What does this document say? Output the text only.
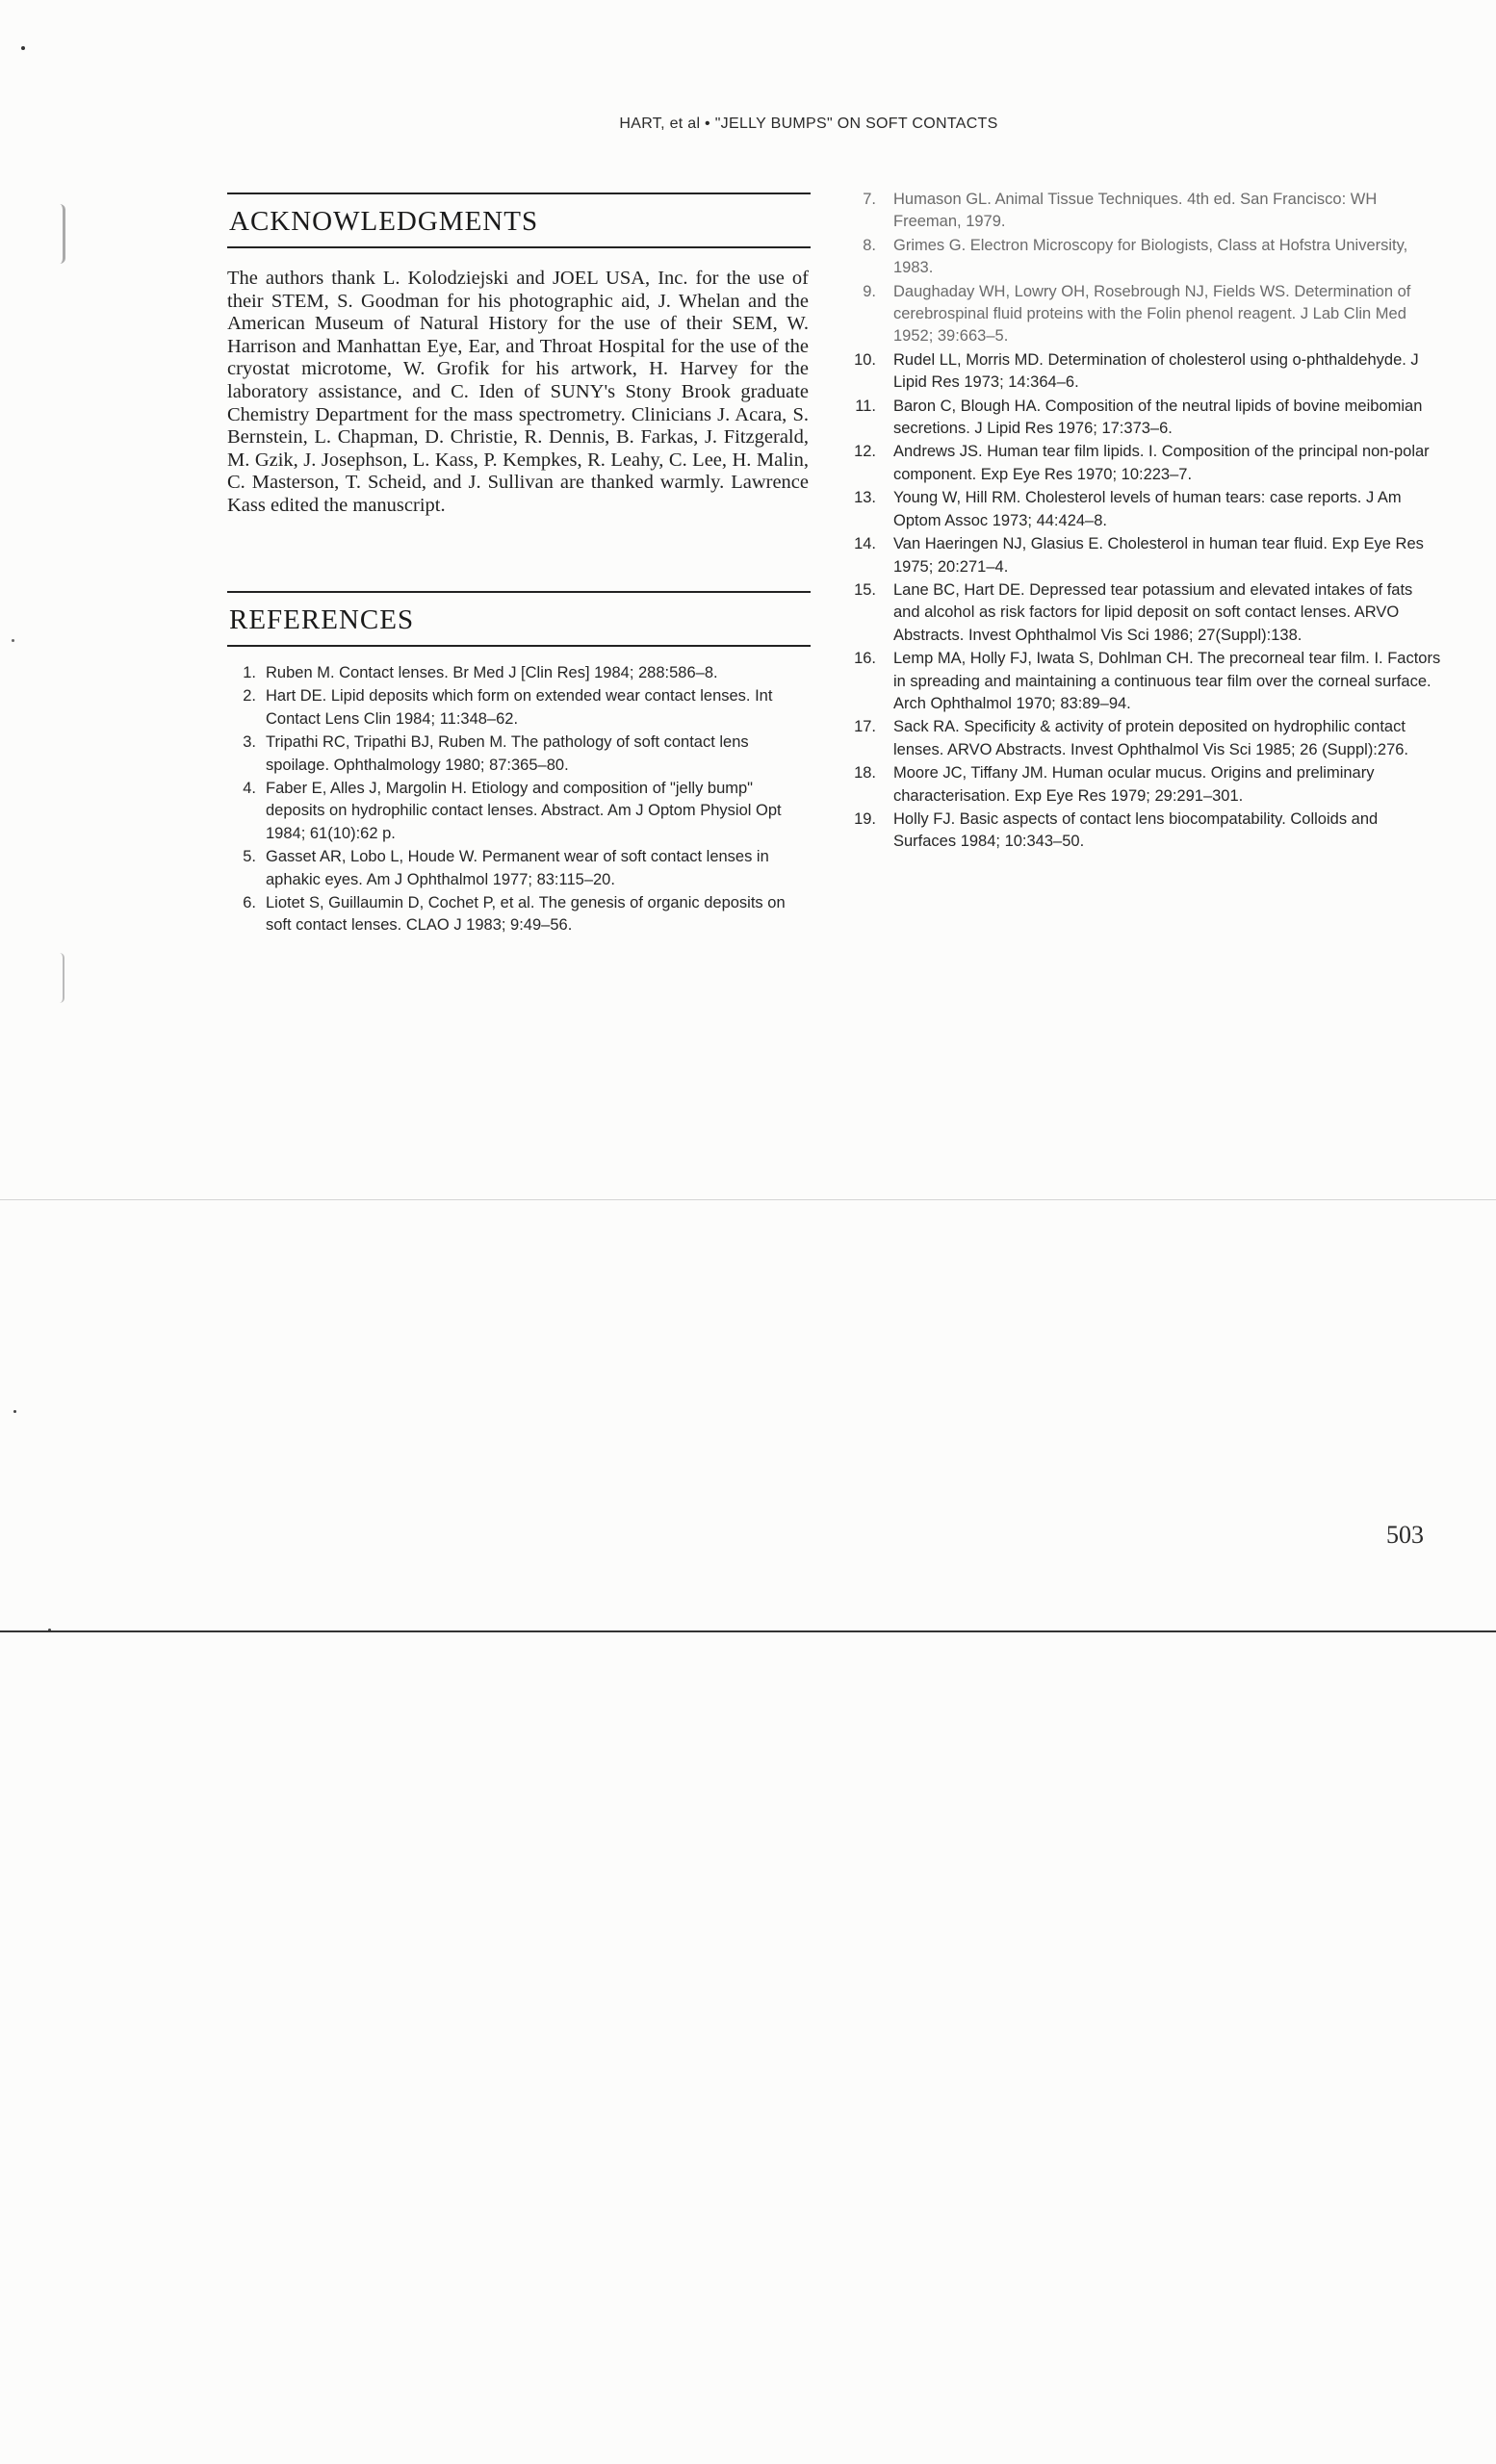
HART, et al • "JELLY BUMPS" ON SOFT CONTACTS
ACKNOWLEDGMENTS
The authors thank L. Kolodziejski and JOEL USA, Inc. for the use of their STEM, S. Goodman for his photographic aid, J. Whelan and the American Museum of Natural History for the use of their SEM, W. Harrison and Manhattan Eye, Ear, and Throat Hospital for the use of the cryostat microtome, W. Grofik for his artwork, H. Harvey for the laboratory assistance, and C. Iden of SUNY's Stony Brook graduate Chemistry Department for the mass spectrometry. Clinicians J. Acara, S. Bernstein, L. Chapman, D. Christie, R. Dennis, B. Farkas, J. Fitzgerald, M. Gzik, J. Josephson, L. Kass, P. Kempkes, R. Leahy, C. Lee, H. Malin, C. Masterson, T. Scheid, and J. Sullivan are thanked warmly. Lawrence Kass edited the manuscript.
REFERENCES
1. Ruben M. Contact lenses. Br Med J [Clin Res] 1984; 288:586–8.
2. Hart DE. Lipid deposits which form on extended wear contact lenses. Int Contact Lens Clin 1984; 11:348–62.
3. Tripathi RC, Tripathi BJ, Ruben M. The pathology of soft contact lens spoilage. Ophthalmology 1980; 87:365–80.
4. Faber E, Alles J, Margolin H. Etiology and composition of "jelly bump" deposits on hydrophilic contact lenses. Abstract. Am J Optom Physiol Opt 1984; 61(10):62 p.
5. Gasset AR, Lobo L, Houde W. Permanent wear of soft contact lenses in aphakic eyes. Am J Ophthalmol 1977; 83:115–20.
6. Liotet S, Guillaumin D, Cochet P, et al. The genesis of organic deposits on soft contact lenses. CLAO J 1983; 9:49–56.
7. Humason GL. Animal Tissue Techniques. 4th ed. San Francisco: WH Freeman, 1979.
8. Grimes G. Electron Microscopy for Biologists, Class at Hofstra University, 1983.
9. Daughaday WH, Lowry OH, Rosebrough NJ, Fields WS. Determination of cerebrospinal fluid proteins with the Folin phenol reagent. J Lab Clin Med 1952; 39:663–5.
10. Rudel LL, Morris MD. Determination of cholesterol using o-phthaldehyde. J Lipid Res 1973; 14:364–6.
11. Baron C, Blough HA. Composition of the neutral lipids of bovine meibomian secretions. J Lipid Res 1976; 17:373–6.
12. Andrews JS. Human tear film lipids. I. Composition of the principal non-polar component. Exp Eye Res 1970; 10:223–7.
13. Young W, Hill RM. Cholesterol levels of human tears: case reports. J Am Optom Assoc 1973; 44:424–8.
14. Van Haeringen NJ, Glasius E. Cholesterol in human tear fluid. Exp Eye Res 1975; 20:271–4.
15. Lane BC, Hart DE. Depressed tear potassium and elevated intakes of fats and alcohol as risk factors for lipid deposit on soft contact lenses. ARVO Abstracts. Invest Ophthalmol Vis Sci 1986; 27(Suppl):138.
16. Lemp MA, Holly FJ, Iwata S, Dohlman CH. The precorneal tear film. I. Factors in spreading and maintaining a continuous tear film over the corneal surface. Arch Ophthalmol 1970; 83:89–94.
17. Sack RA. Specificity & activity of protein deposited on hydrophilic contact lenses. ARVO Abstracts. Invest Ophthalmol Vis Sci 1985; 26 (Suppl):276.
18. Moore JC, Tiffany JM. Human ocular mucus. Origins and preliminary characterisation. Exp Eye Res 1979; 29:291–301.
19. Holly FJ. Basic aspects of contact lens biocompatability. Colloids and Surfaces 1984; 10:343–50.
503
